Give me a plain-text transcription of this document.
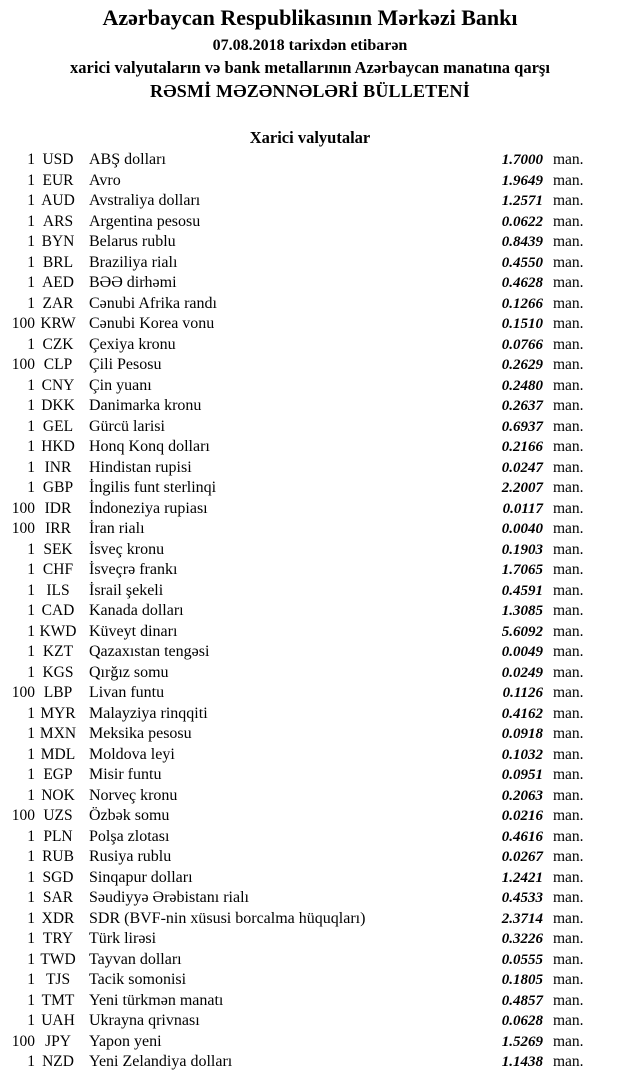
Azərbaycan Respublikasının Mərkəzi Bankı
07.08.2018 tarixdən etibarən
xarici valyutaların və bank metallarının Azərbaycan manatına qarşı
RƏSMİ MƏZƏNNƏLƏRİ BÜLLETENİ
Xarici valyutalar
1 USD ABŞ dolları	1.7000 man.
1 EUR Avro	1.9649 man.
1 AUD Avstraliya dolları	1.2571 man.
1 ARS Argentina pesosu	0.0622 man.
1 BYN Belarus rublu	0.8439 man.
1 BRL Braziliya rialı	0.4550 man.
1 AED BƏƏ dirhəmi	0.4628 man.
1 ZAR Cənubi Afrika randı	0.1266 man.
100 KRW Cənubi Korea vonu	0.1510 man.
1 CZK Çexiya kronu	0.0766 man.
100 CLP	Çili Pesosu	0.2629 man.
1 CNY Çin yuanı	0.2480 man.
1 DKK Danimarka kronu	0.2637 man.
1 GEL Gürcü larisi	0.6937 man.
1 HKD Honq Konq dolları	0.2166 man.
1 INR	Hindistan rupisi	0.0247 man.
1 GBP İngilis funt sterlinqi	2.2007 man.
100 IDR	İndoneziya rupiası	0.0117 man.
100 IRR	İran rialı	0.0040 man.
1 SEK	İsveç kronu	0.1903 man.
1 CHF İsveçrə frankı	1.7065 man.
1 ILS	İsrail şekeli	0.4591 man.
1 CAD Kanada dolları	1.3085 man.
1 KWD Küveyt dinarı	5.6092 man.
1 KZT Qazaxıstan tengəsi	0.0049 man.
1 KGS Qırğız somu	0.0249 man.
100 LBP	Livan funtu	0.1126 man.
1 MYR Malayziya rinqqiti	0.4162 man.
1 MXN Meksika pesosu	0.0918 man.
1 MDL Moldova leyi	0.1032 man.
1 EGP	Misir funtu	0.0951 man.
1 NOK Norveç kronu	0.2063 man.
100 UZS	Özbək somu	0.0216 man.
1 PLN	Polşa zlotası	0.4616 man.
1 RUB Rusiya rublu	0.0267 man.
1 SGD Sinqapur dolları	1.2421 man.
1 SAR Səudiyyə Ərəbistanı rialı	0.4533 man.
1 XDR SDR (BVF-nin xüsusi borcalma hüquqları)	2.3714 man.
1 TRY Türk lirəsi	0.3226 man.
1 TWD Tayvan dolları	0.0555 man.
1 TJS	Tacik somonisi	0.1805 man.
1 TMT Yeni türkmən manatı	0.4857 man.
1 UAH Ukrayna qrivnası	0.0628 man.
100 JPY	Yapon yeni	1.5269 man.
1 NZD Yeni Zelandiya dolları	1.1438 man.
